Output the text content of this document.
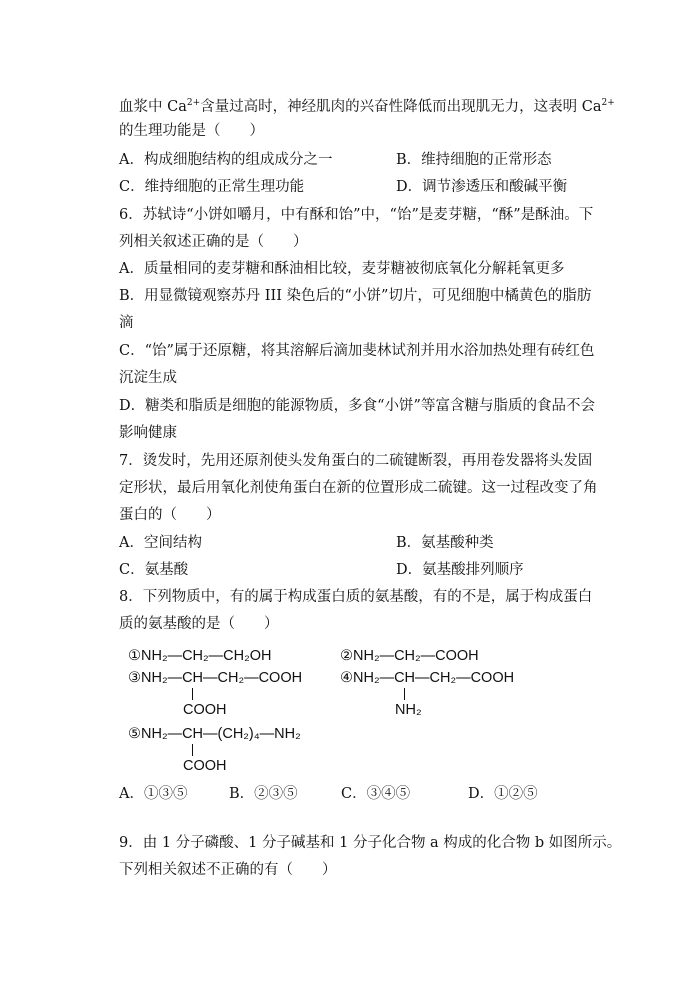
血浆中 $Ca^{2+}$含量过高时，神经肌肉的兴奋性降低而出现肌无力，这表明 $Ca^{2+}$
的生理功能是（　　）
A．构成细胞结构的组成成分之一	B．维持细胞的正常形态
C．维持细胞的正常生理功能	D．调节渗透压和酸碱平衡
6．苏轼诗“小饼如嚼月，中有酥和饴”中，“饴”是麦芽糖，“酥”是酥油。下
列相关叙述正确的是（　　）
A．质量相同的麦芽糖和酥油相比较，麦芽糖被彻底氧化分解耗氧更多
B．用显微镜观察苏丹 III 染色后的“小饼”切片，可见细胞中橘黄色的脂肪
滴
C．“饴”属于还原糖，将其溶解后滴加斐林试剂并用水浴加热处理有砖红色
沉淀生成
D．糖类和脂质是细胞的能源物质，多食“小饼”等富含糖与脂质的食品不会
影响健康
7．烫发时，先用还原剂使头发角蛋白的二硫键断裂，再用卷发器将头发固
定形状，最后用氧化剂使角蛋白在新的位置形成二硫键。这一过程改变了角
蛋白的（　　）
A．空间结构	B．氨基酸种类
C．氨基酸	D．氨基酸排列顺序
8．下列物质中，有的属于构成蛋白质的氨基酸，有的不是，属于构成蛋白
质的氨基酸的是（　　）
①NH₂—CH₂—CH₂OH	②NH₂—CH₂—COOH
③NH₂—CH—CH₂—COOH
COOH
④NH₂—CH—CH₂—COOH
NH₂
⑤NH₂—CH—(CH₂)₄—NH₂
COOH
A．①③⑤	B．②③⑤	C．③④⑤	D．①②⑤
9．由 1 分子磷酸、1 分子碱基和 1 分子化合物 a 构成的化合物 b 如图所示。
下列相关叙述不正确的有（　　）
